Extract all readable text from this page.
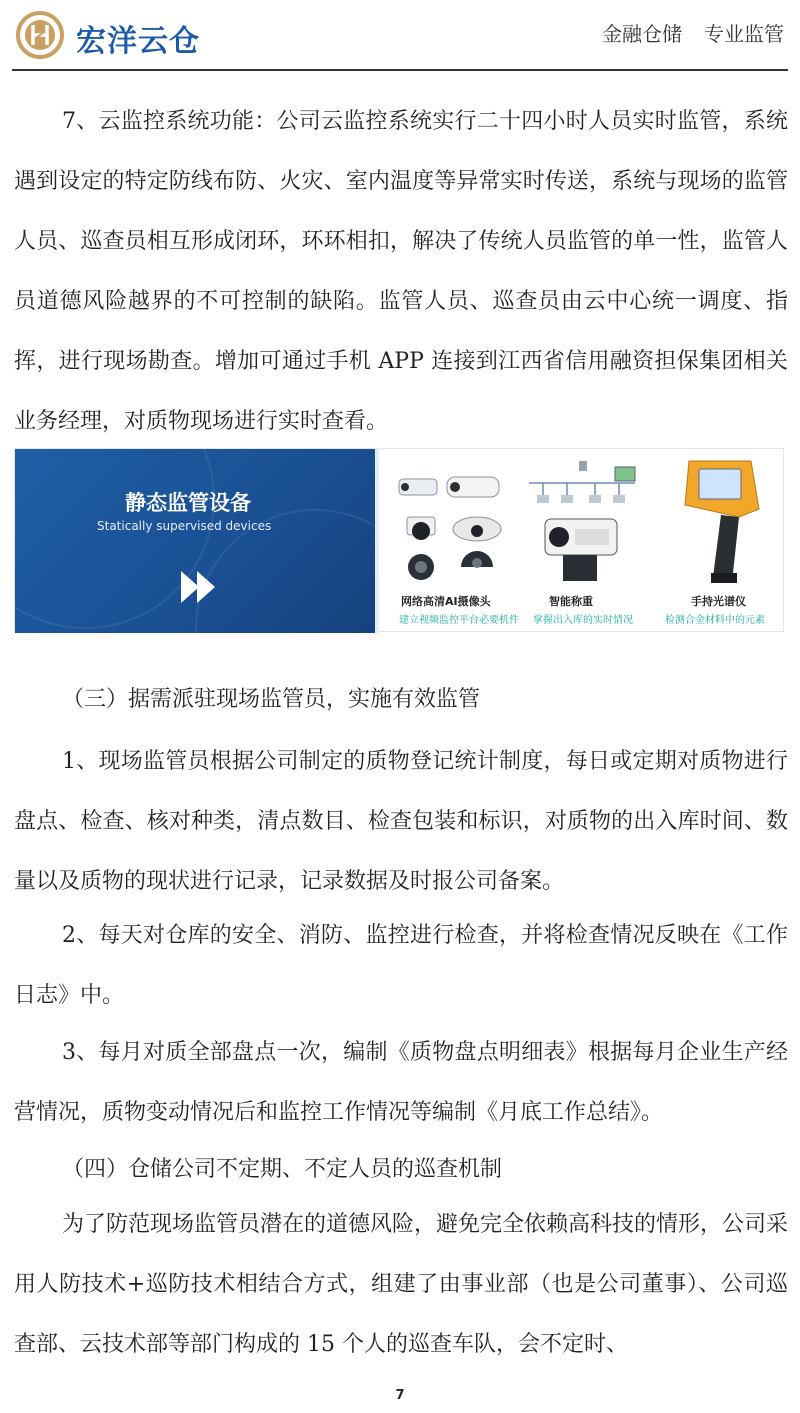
宏洋云仓	金融仓储 专业监管

7、云监控系统功能：公司云监控系统实行二十四小时人员实时监管，系统遇到设定的特定防线布防、火灾、室内温度等异常实时传送，系统与现场的监管人员、巡查员相互形成闭环，环环相扣，解决了传统人员监管的单一性，监管人员道德风险越界的不可控制的缺陷。监管人员、巡查员由云中心统一调度、指挥，进行现场勘查。增加可通过手机 APP 连接到江西省信用融资担保集团相关业务经理，对质物现场进行实时查看。

静态监管设备
Statically supervised devices
网络高清AI摄像头
建立视频监控平台必要机件
智能称重
掌握出入库的实时情况
手持光谱仪
检测合金材料中的元素

（三）据需派驻现场监管员，实施有效监管

1、现场监管员根据公司制定的质物登记统计制度，每日或定期对质物进行盘点、检查、核对种类，清点数目、检查包装和标识，对质物的出入库时间、数量以及质物的现状进行记录，记录数据及时报公司备案。

2、每天对仓库的安全、消防、监控进行检查，并将检查情况反映在《工作日志》中。

3、每月对质全部盘点一次，编制《质物盘点明细表》根据每月企业生产经营情况，质物变动情况后和监控工作情况等编制《月底工作总结》。

（四）仓储公司不定期、不定人员的巡查机制

为了防范现场监管员潜在的道德风险，避免完全依赖高科技的情形，公司采用人防技术+巡防技术相结合方式，组建了由事业部（也是公司董事）、公司巡查部、云技术部等部门构成的 15 个人的巡查车队，会不定时、

7
